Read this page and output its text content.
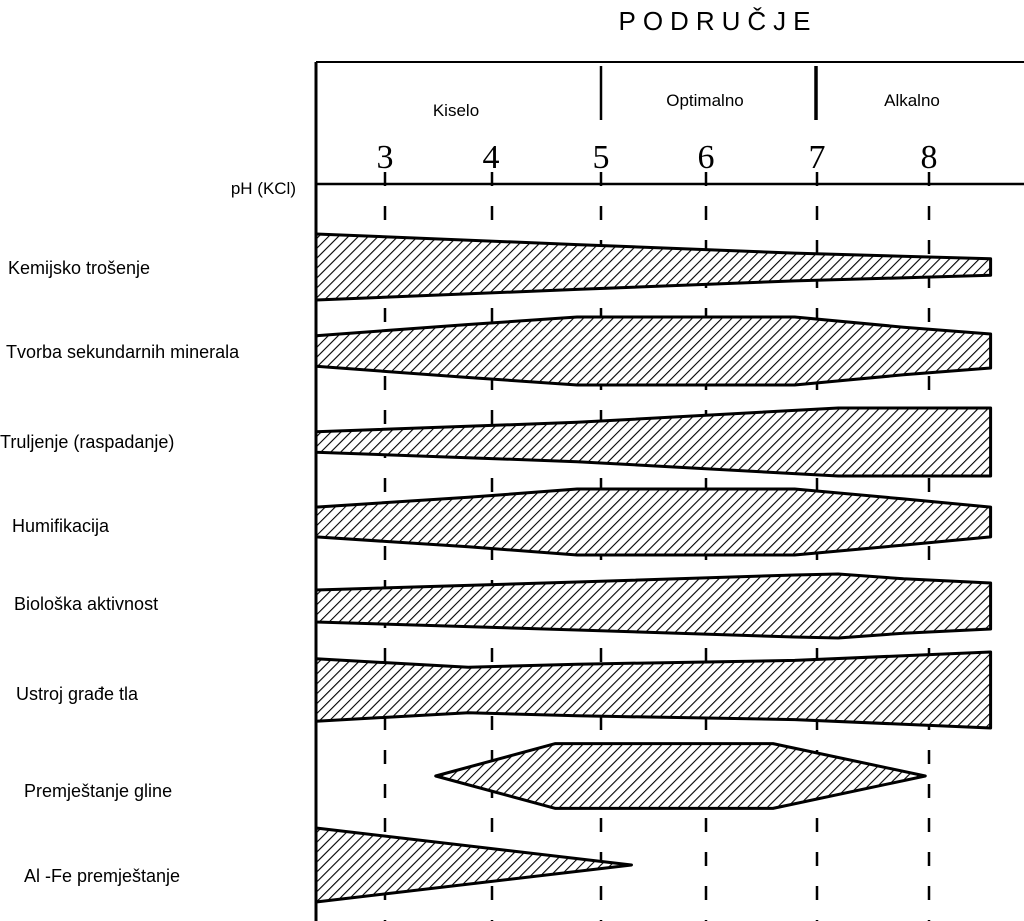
PODRUČJE
Kiselo
Optimalno	Alkalno
3	4	5	6	7	8
pH (KCl)
Kemijsko trošenje
Tvorba sekundarnih minerala
Truljenje (raspadanje)
Humifikacija
Biološka aktivnost
Ustroj građe tla
Premještanje gline
Al -Fe premještanje
